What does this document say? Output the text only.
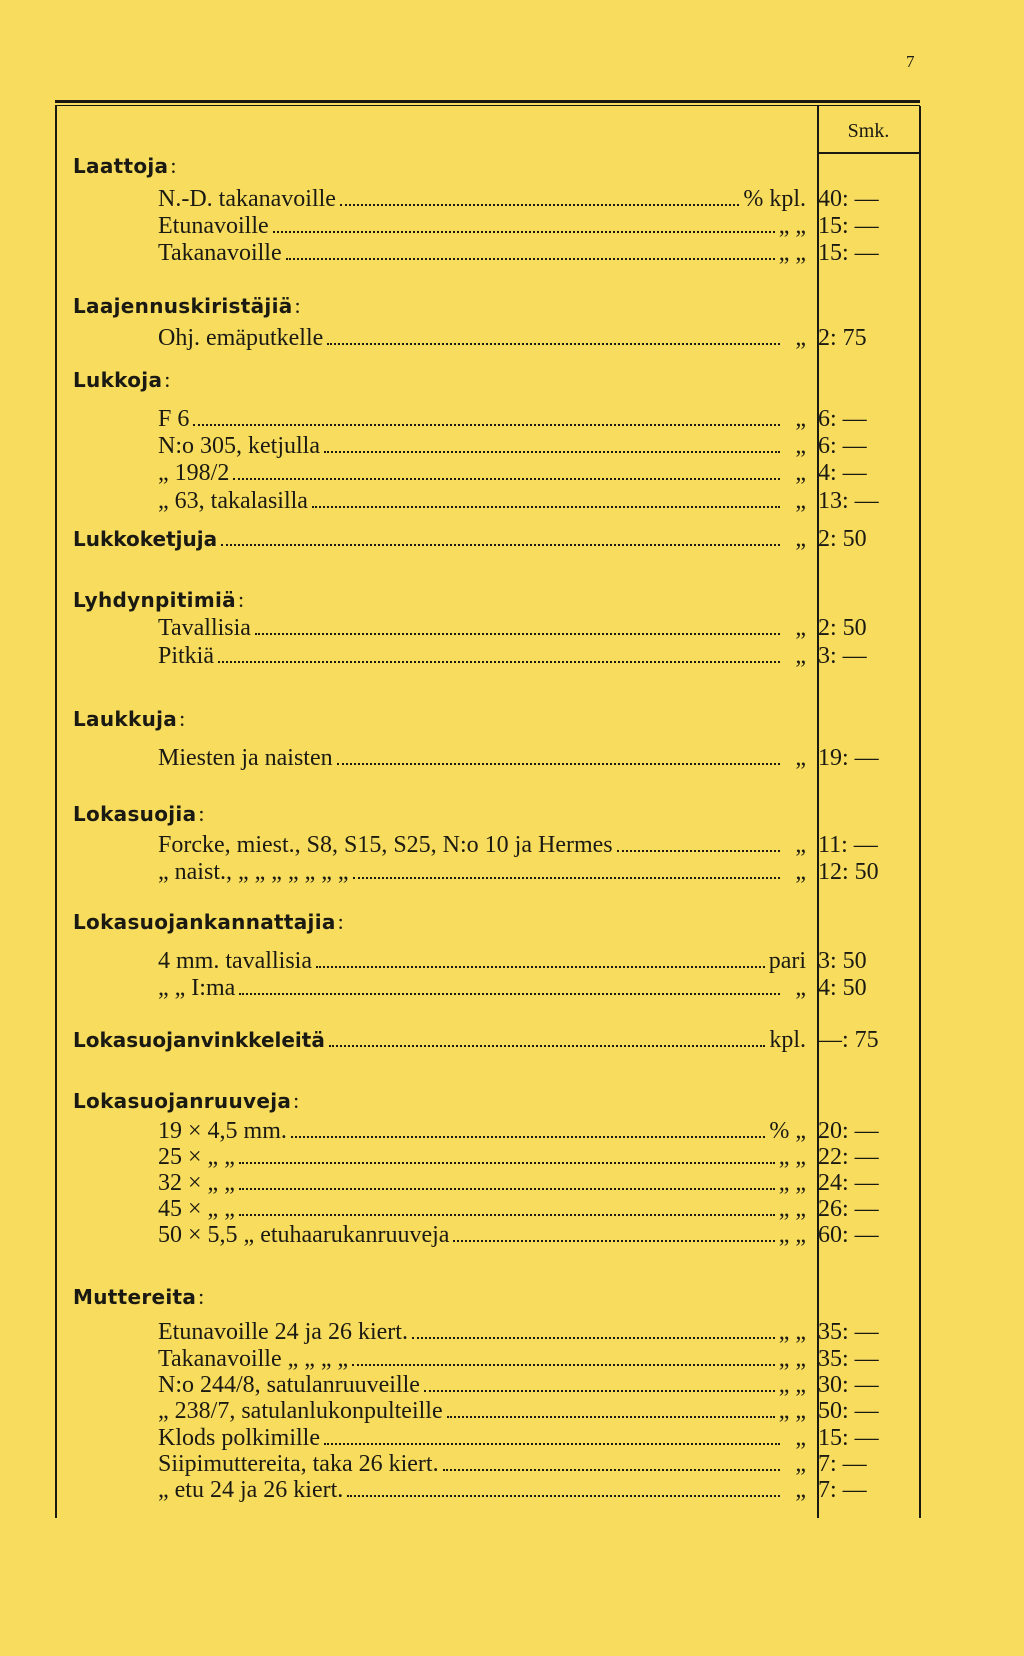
7
Smk.
Laattoja:
N.-D. takanavoille	% kpl. 40: —
Etunavoille	„ „ 15: —
Takanavoille	„ „ 15: —
Laajennuskiristäjiä:
Ohj. emäputkelle	„ 2: 75
Lukkoja:
F 6	„ 6: —
N:o 305, ketjulla	„ 6: —
„ 198/2	„ 4: —
„ 63, takalasilla	„ 13: —
Lukkoketjuja	„ 2: 50
Lyhdynpitimiä:
Tavallisia	„ 2: 50
Pitkiä	„ 3: —
Laukkuja:
Miesten ja naisten	„ 19: —
Lokasuojia:
Forcke, miest., S8, S15, S25, N:o 10 ja Hermes	„ 11: —
„ naist., „ „ „ „ „ „ „	„ 12: 50
Lokasuojankannattajia:
4 mm. tavallisia	pari 3: 50
„ „ I:ma	„ 4: 50
Lokasuojanvinkkeleitä	kpl. —: 75
Lokasuojanruuveja:
19 × 4,5 mm.	% „ 20: —
25 × „ „	„ „ 22: —
32 × „ „	„ „ 24: —
45 × „ „	„ „ 26: —
50 × 5,5 „ etuhaarukanruuveja	„ „ 60: —
Muttereita:
Etunavoille 24 ja 26 kiert.	„ „ 35: —
Takanavoille „ „ „ „	„ „ 35: —
N:o 244/8, satulanruuveille	„ „ 30: —
„ 238/7, satulanlukonpulteille	„ „ 50: —
Klods polkimille	„ 15: —
Siipimuttereita, taka 26 kiert.	„ 7: —
„ etu 24 ja 26 kiert.	„ 7: —
